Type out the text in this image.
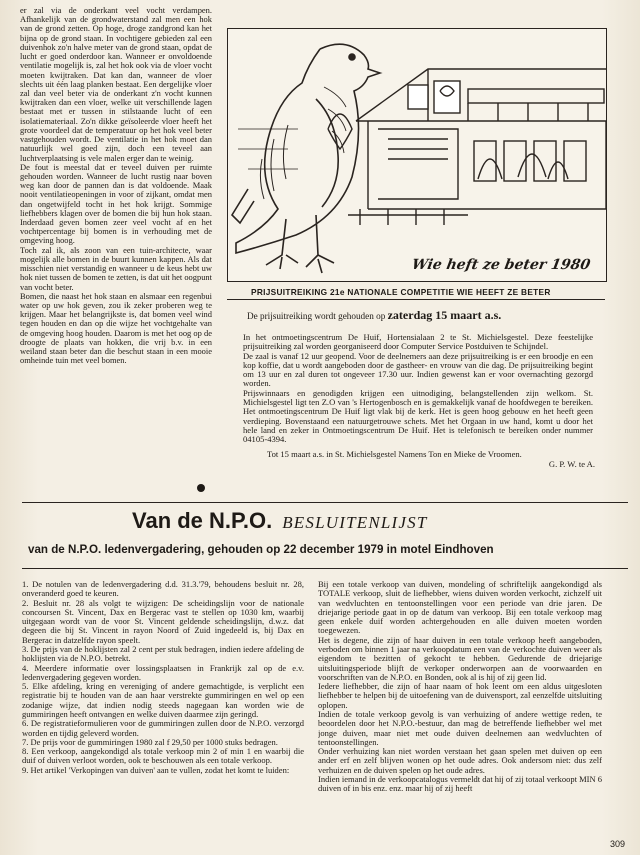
er zal via de onderkant veel vocht verdampen. Afhankelijk van de grondwaterstand zal men een hok van de grond zetten. Op hoge, droge zandgrond kan het bijna op de grond staan. In vochtigere gebieden zal een duivenhok zo'n halve meter van de grond staan, opdat de lucht er goed onderdoor kan. Wanneer er onvoldoende ventilatie mogelijk is, zal het hok ook via de vloer vocht moeten kwijtraken. Dat kan dan, wanneer de vloer slechts uit één laag planken bestaat. Een dergelijke vloer zal dan veel beter via de onderkant z'n vocht kunnen kwijtraken dan een vloer, welke uit verschillende lagen bestaat met er tussen in stilstaande lucht of een isolatiemateriaal. Zo'n dikke geïsoleerde vloer heeft het grote voordeel dat de temperatuur op het hok veel beter vastgehouden wordt. De ventilatie in het hok moet dan natuurlijk wel goed zijn, doch een teveel aan luchtverplaatsing is vele malen erger dan te weinig.

De fout is meestal dat er teveel duiven per ruimte gehouden worden. Wanneer de lucht rustig naar boven weg kan door de pannen dan is dat voldoende. Maak nooit ventilatieopeningen in voor of zijkant, omdat men dan ongetwijfeld tocht in het hok krijgt. Sommige liefhebbers klagen over de bomen die bij hun hok staan. Inderdaad geven bomen zeer veel vocht af en het vochtpercentage bij bomen is in verhouding met de omgeving hoog.

Toch zal ik, als zoon van een tuin-architecte, waar mogelijk alle bomen in de buurt kunnen kappen. Als dat misschien niet verstandig en wanneer u de keus hebt uw hok niet tussen de bomen te zetten, is dat uit het oogpunt van vocht beter.

Bomen, die naast het hok staan en alsmaar een regenbui water op uw hok geven, zou ik zeker proberen weg te krijgen. Maar het belangrijkste is, dat bomen veel wind tegen houden en dan op die wijze het vochtgehalte van de omgeving hoog houden. Daarom is met het oog op de droogte de plaats van hokken, die vrij b.v. in een weiland staan beter dan die beschut staan in een mooie omheinde tuin met veel bomen.

Wie heft ze beter 1980
PRIJSUITREIKING 21e NATIONALE COMPETITIE WIE HEEFT ZE BETER
De prijsuitreiking wordt gehouden op zaterdag 15 maart a.s.

In het ontmoetingscentrum De Huif, Hortensialaan 2 te St. Michielsgestel. Deze feestelijke prijsuitreiking zal worden georganiseerd door Computer Service Postduiven te Schijndel.

De zaal is vanaf 12 uur geopend. Voor de deelnemers aan deze prijsuitreiking is er een broodje en een kop koffie, dat u wordt aangeboden door de gastheer- en vrouw van die dag. De prijsuitreiking begint om 13 uur en zal duren tot ongeveer 17.30 uur. Indien gewenst kan er voor overnachting gezorgd worden.

Prijswinnaars en genodigden krijgen een uitnodiging, belangstellenden zijn welkom. St. Michielsgestel ligt ten Z.O van 's Hertogenbosch en is gemakkelijk vanaf de hoofdwegen te bereiken. Het ontmoetingscentrum De Huif ligt vlak bij de kerk. Het is geen hoog gebouw en het heeft geen verdieping. Bovenstaand een natuurgetrouwe schets. Met het Orgaan in uw hand, komt u door het hele land en zeker in Ontmoetingscentrum De Huif. Het is telefonisch te bereiken onder nummer 04105-4394.

Tot 15 maart a.s. in St. Michielsgestel Namens Ton en Mieke de Vroomen.
G. P. W. te A.
Van de N.P.O. BESLUITENLIJST
van de N.P.O. ledenvergadering, gehouden op 22 december 1979 in motel Eindhoven

1. De notulen van de ledenvergadering d.d. 31.3.'79, behoudens besluit nr. 28, onveranderd goed te keuren.

2. Besluit nr. 28 als volgt te wijzigen: De scheidingslijn voor de nationale concoursen St. Vincent, Dax en Bergerac vast te stellen op 1030 km, waarbij uitgegaan wordt van de voor St. Vincent geldende scheidingslijn, d.w.z. dat degeen die bij St. Vincent in rayon Noord of Zuid ingedeeld is, bij Dax en Bergerac in datzelfde rayon speelt.

3. De prijs van de hoklijsten zal 2 cent per stuk bedragen, indien iedere afdeling de hoklijsten via de N.P.O. betrekt.

4. Meerdere informatie over lossingsplaatsen in Frankrijk zal op de e.v. ledenvergadering gegeven worden.

5. Elke afdeling, kring en vereniging of andere gemachtigde, is verplicht een registratie bij te houden van de aan haar verstrekte gummiringen en wel op een zodanige wijze, dat indien nodig steeds nagegaan kan worden wie de gummiringen heeft ontvangen en welke duiven daarmee zijn geringd.

6. De registratieformulieren voor de gummiringen zullen door de N.P.O. verzorgd worden en tijdig geleverd worden.

7. De prijs voor de gummiringen 1980 zal f 29,50 per 1000 stuks bedragen.

8. Een verkoop, aangekondigd als totale verkoop min 2 of min 1 en waarbij die duif of duiven verloot worden, ook te beschouwen als een totale verkoop.

9. Het artikel 'Verkopingen van duiven' aan te vullen, zodat het komt te luiden:

Bij een totale verkoop van duiven, mondeling of schriftelijk aangekondigd als TOTALE verkoop, sluit de liefhebber, wiens duiven worden verkocht, zichzelf uit van wedvluchten en tentoonstellingen voor een periode van drie jaren. De driejarige periode gaat in op de datum van verkoop. Bij een totale verkoop mag geen enkele duif worden achtergehouden en alle duiven moeten worden toegewezen.

Het is degene, die zijn of haar duiven in een totale verkoop heeft aangeboden, verboden om binnen 1 jaar na verkoopdatum een van de verkochte duiven weer als eigendom te bezitten of gekocht te hebben. Gedurende de driejarige uitsluitingsperiode blijft de verkoper onderworpen aan de voorwaarden en voorschriften van de N.P.O. en Bonden, ook al is hij of zij geen lid.

Iedere liefhebber, die zijn of haar naam of hok leent om een aldus uitgesloten liefhebber te helpen bij de uitoefening van de duivensport, zal eenzelfde uitsluiting oplopen.

Indien de totale verkoop gevolg is van verhuizing of andere wettige reden, te beoordelen door het N.P.O.-bestuur, dan mag de betreffende liefhebber wel met jonge duiven, maar niet met oude duiven deelnemen aan wedvluchten of tentoonstellingen.

Onder verhuizing kan niet worden verstaan het gaan spelen met duiven op een ander erf en zelf blijven wonen op het oude adres. Ook andersom niet: dus zelf verhuizen en de duiven spelen op het oude adres.

Indien iemand in de verkoopcatalogus vermeldt dat hij of zij totaal verkoopt MIN 6 duiven of in bis enz. enz. maar hij of zij heeft

309
